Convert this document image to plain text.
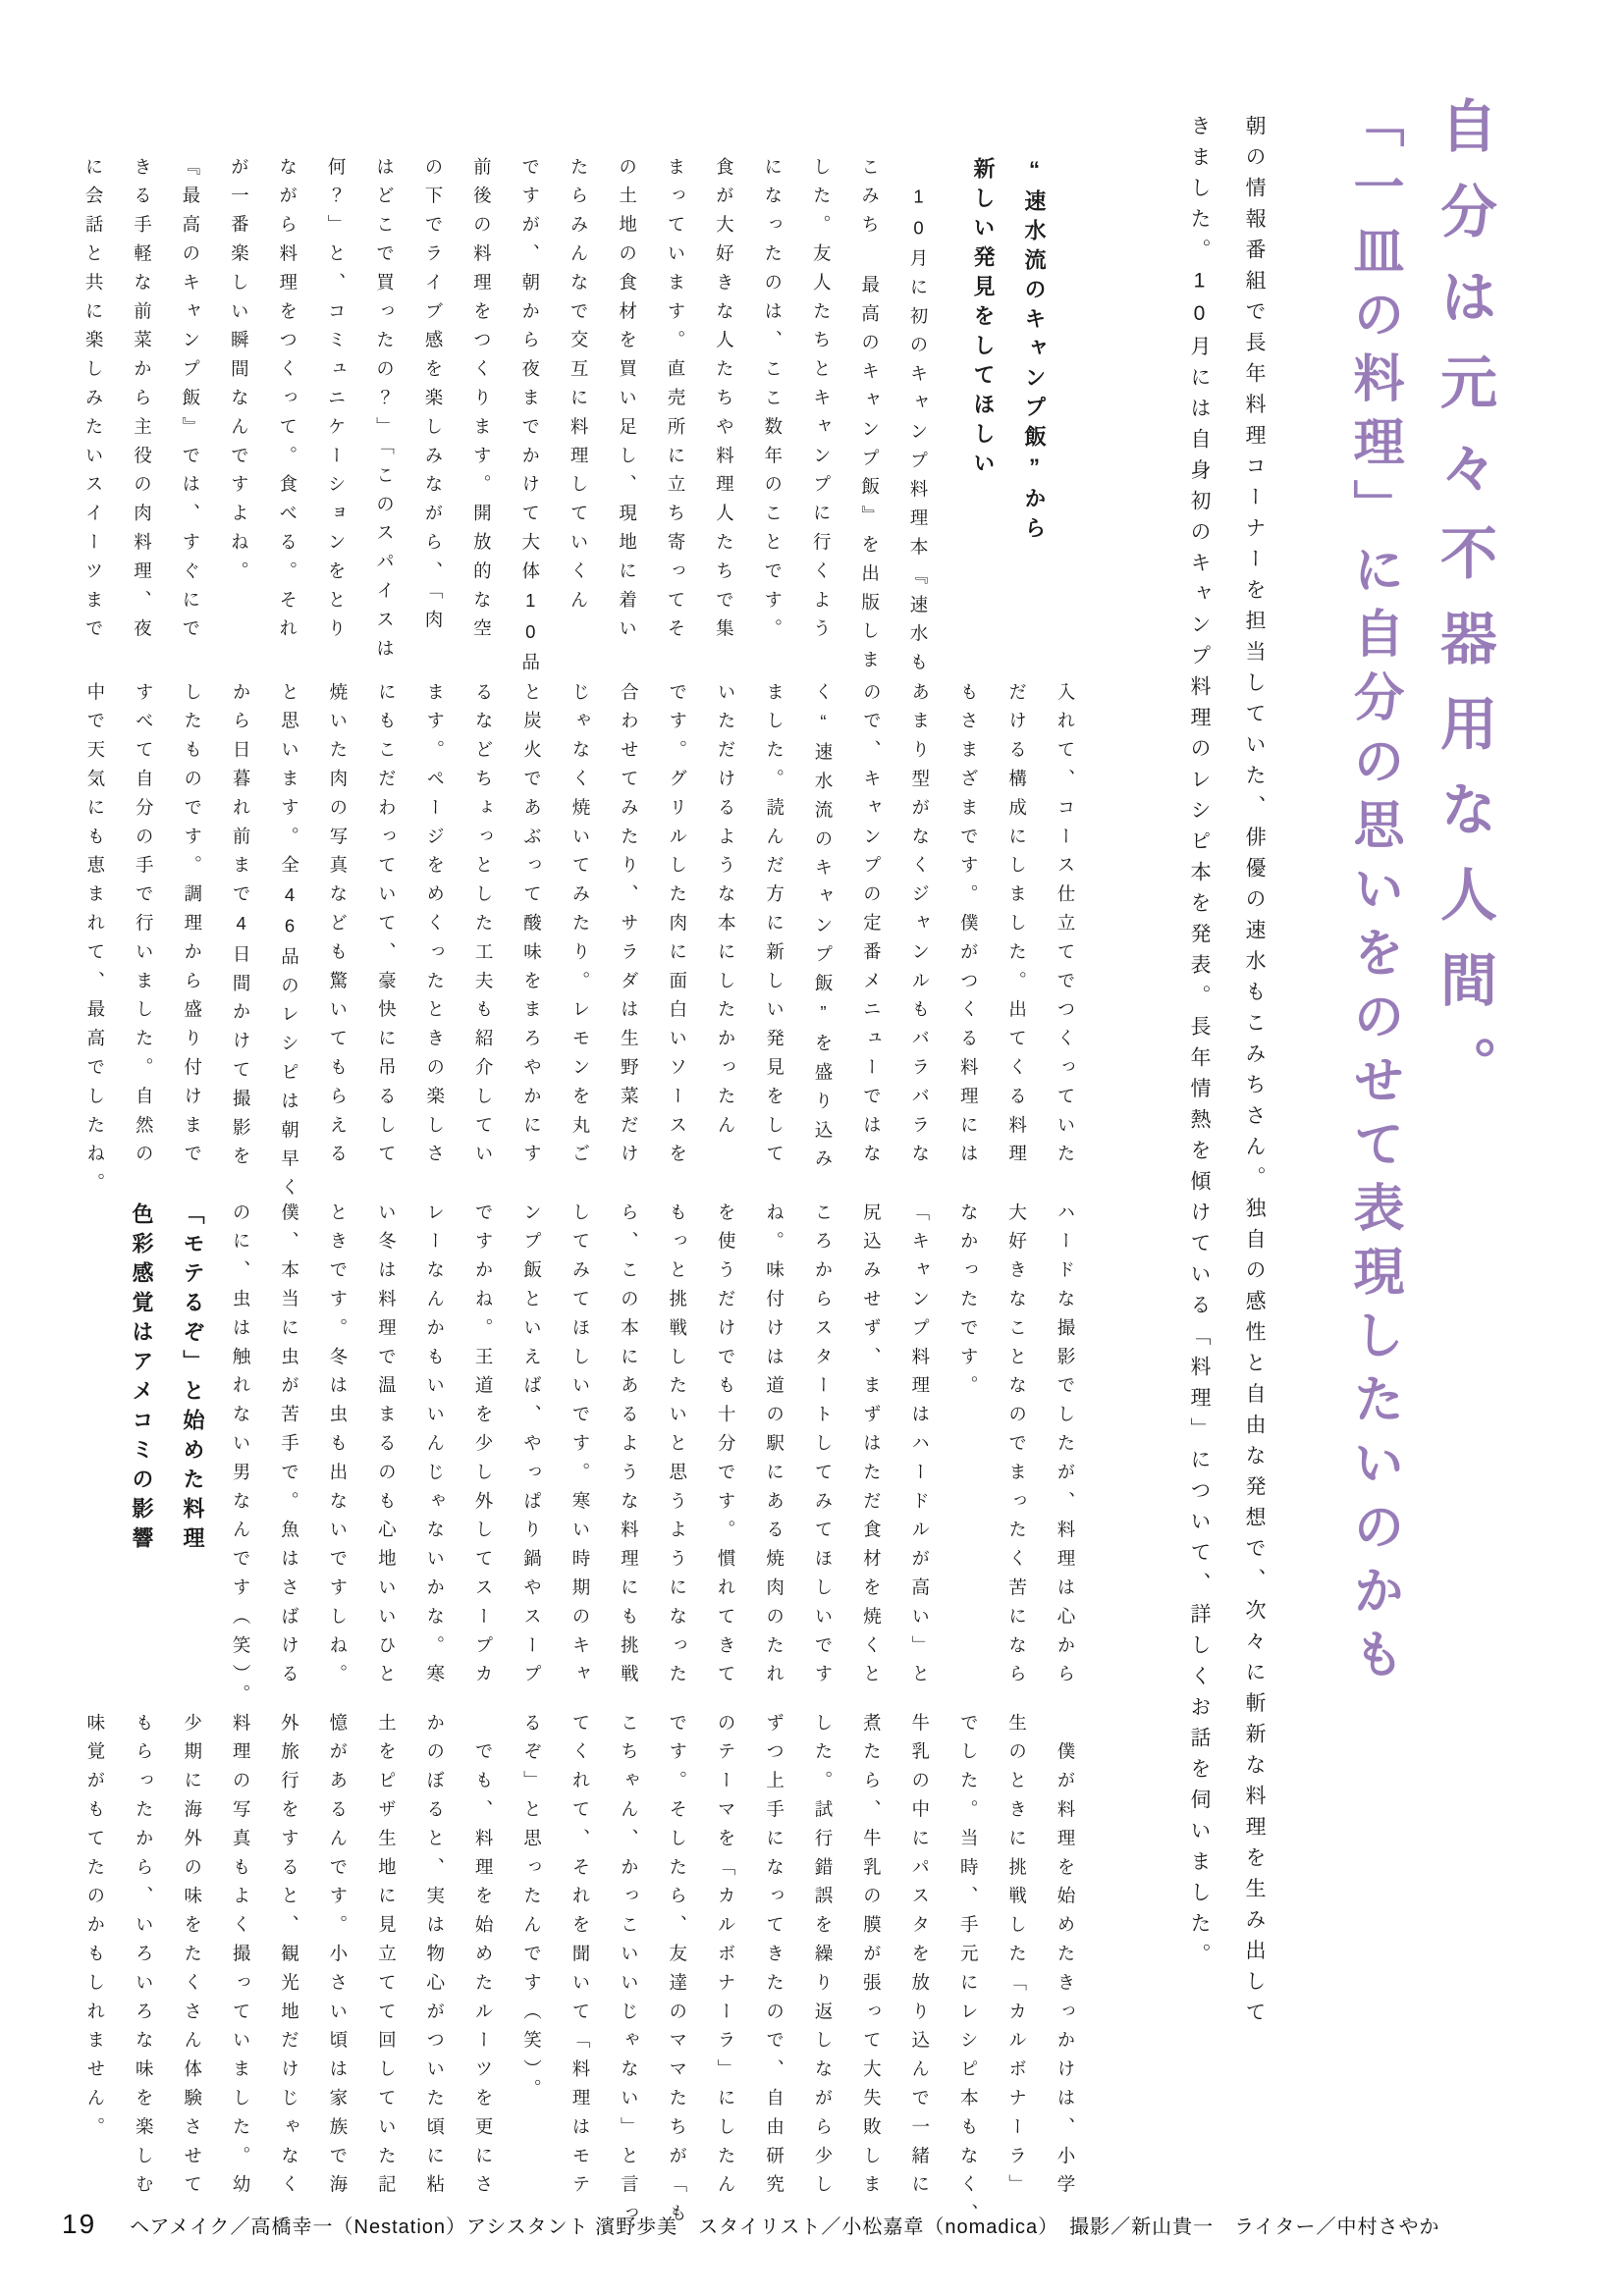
自分は元々不器用な人間。
「一皿の料理」に自分の思いをのせて表現したいのかも

朝の情報番組で長年料理コーナーを担当していた、俳優の速水もこみちさん。独自の感性と自由な発想で、次々に斬新な料理を生み出して

きました。10月には自身初のキャンプ料理のレシピ本を発表。長年情熱を傾けている「料理」について、詳しくお話を伺いました。

“速水流のキャンプ飯”から

新しい発見をしてほしい

　10月に初のキャンプ料理本『速水も

こみち 最高のキャンプ飯』を出版しま

した。友人たちとキャンプに行くよう

になったのは、ここ数年のことです。

食が大好きな人たちや料理人たちで集

まっています。直売所に立ち寄ってそ

の土地の食材を買い足し、現地に着い

たらみんなで交互に料理していくん

ですが、朝から夜までかけて大体10品

前後の料理をつくります。開放的な空

の下でライブ感を楽しみながら、「肉

はどこで買ったの？」「このスパイスは

何？」と、コミュニケーションをとり

ながら料理をつくって。食べる。それ

が一番楽しい瞬間なんですよね。

『最高のキャンプ飯』では、すぐにで

きる手軽な前菜から主役の肉料理、夜

に会話と共に楽しみたいスイーツまで

入れて、コース仕立てでつくっていた

だける構成にしました。出てくる料理

もさまざまです。僕がつくる料理には

あまり型がなくジャンルもバラバラな

ので、キャンプの定番メニューではな

く“速水流のキャンプ飯”を盛り込み

ました。読んだ方に新しい発見をして

いただけるような本にしたかったん

です。グリルした肉に面白いソースを

合わせてみたり、サラダは生野菜だけ

じゃなく焼いてみたり。レモンを丸ご

と炭火であぶって酸味をまろやかにす

るなどちょっとした工夫も紹介してい

ます。ページをめくったときの楽しさ

にもこだわっていて、豪快に吊るして

焼いた肉の写真なども驚いてもらえる

と思います。全46品のレシピは朝早く

から日暮れ前まで4日間かけて撮影を

したものです。調理から盛り付けまで

すべて自分の手で行いました。自然の

中で天気にも恵まれて、最高でしたね。

ハードな撮影でしたが、料理は心から

大好きなことなのでまったく苦になら

なかったです。

「キャンプ料理はハードルが高い」と

尻込みせず、まずはただ食材を焼くと

ころからスタートしてみてほしいです

ね。味付けは道の駅にある焼肉のたれ

を使うだけでも十分です。慣れてきて

もっと挑戦したいと思うようになった

ら、この本にあるような料理にも挑戦

してみてほしいです。寒い時期のキャ

ンプ飯といえば、やっぱり鍋やスープ

ですかね。王道を少し外してスープカ

レーなんかもいいんじゃないかな。寒

い冬は料理で温まるのも心地いいひと

ときです。冬は虫も出ないですしね。

僕、本当に虫が苦手で。魚はさばける

のに、虫は触れない男なんです（笑）。

「モテるぞ」と始めた料理

色彩感覚はアメコミの影響

　僕が料理を始めたきっかけは、小学

生のときに挑戦した「カルボナーラ」

でした。当時、手元にレシピ本もなく、

牛乳の中にパスタを放り込んで一緒に

煮たら、牛乳の膜が張って大失敗しま

した。試行錯誤を繰り返しながら少し

ずつ上手になってきたので、自由研究

のテーマを「カルボナーラ」にしたん

です。そしたら、友達のママたちが「も

こちゃん、かっこいいじゃない」と言っ

てくれて、それを聞いて「料理はモテ

るぞ」と思ったんです（笑）。

　でも、料理を始めたルーツを更にさ

かのぼると、実は物心がついた頃に粘

土をピザ生地に見立てて回していた記

憶があるんです。小さい頃は家族で海

外旅行をすると、観光地だけじゃなく

料理の写真もよく撮っていました。幼

少期に海外の味をたくさん体験させて

もらったから、いろいろな味を楽しむ

味覚がもてたのかもしれません。

19 ヘアメイク／高橋幸一（Nestation）アシスタント 濱野歩美　スタイリスト／小松嘉章（nomadica）　撮影／新山貴一　ライター／中村さやか
